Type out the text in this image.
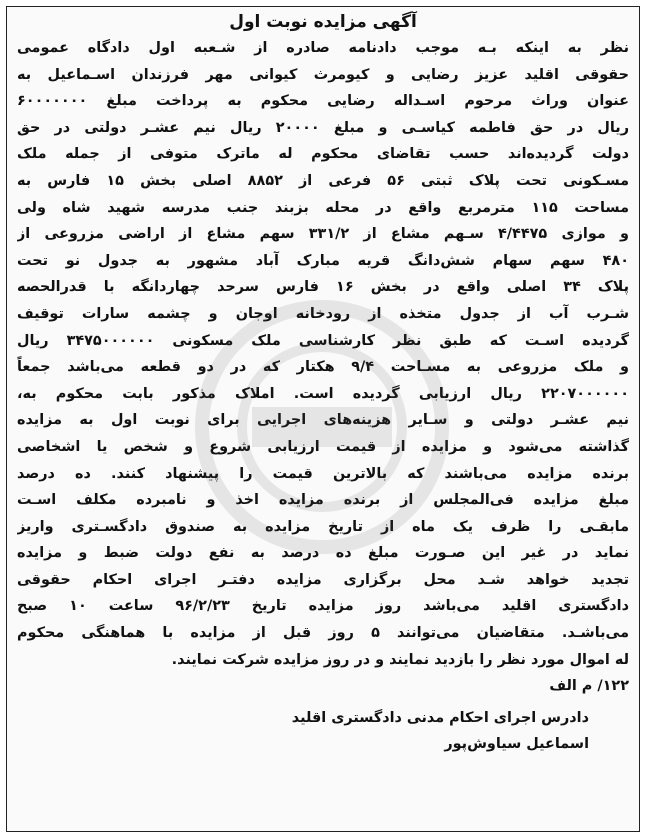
آگهی مزایده نوبت اول
نظر به اینکه بـه موجب دادنامه صادره از شـعبه اول دادگاه عمومی
حقوقی اقلید عزیز رضایی و کیومرث کیوانی مهر فرزندان اسـماعیل به
عنوان وراث مرحوم اسـداله رضایی محکوم به پرداخت مبلغ ۶۰۰۰۰۰۰۰
ریال در حق فاطمه کیاسـی و مبلغ ۲۰۰۰۰ ریال نیم عشـر دولتی در حق
دولت گردیده‌اند حسب تقاضای محکوم له ماترک متوفی از جمله ملک
مسـکونی تحت پلاک ثبتی ۵۶ فرعی از ۸۸۵۲ اصلی بخش ۱۵ فارس به
مساحت ۱۱۵ مترمربع واقع در محله بزبند جنب مدرسه شهید شاه ولی
و موازی ۴/۴۴۷۵ سـهم مشاع از ۳۳۱/۲ سهم مشاع از اراضی مزروعی از
۴۸۰ سهم سهام شش‌دانگ قریه مبارک آباد مشهور به جدول نو تحت
پلاک ۳۴ اصلی واقع در بخش ۱۶ فارس سرحد چهاردانگه با قدرالحصه
شـرب آب از جدول متخذه از رودخانه اوجان و چشمه سارات توقیف
گردیده اسـت که طبق نظر کارشناسی ملک مسکونی ۳۴۷۵۰۰۰۰۰۰ ریال
و ملک مزروعی به مسـاحت ۹/۴ هکتار که در دو قطعه می‌باشد جمعاً
۲۲۰۷۰۰۰۰۰۰ ریال ارزیابی گردیده است. املاک مذکور بابت محکوم به،
نیم عشـر دولتی و سـایر هزینه‌های اجرایی برای نوبت اول به مزایده
گذاشته می‌شود و مزایده از قیمت ارزیابی شروع و شخص یا اشخاصی
برنده مزایده می‌باشند که بالاترین قیمت را پیشنهاد کنند. ده درصد
مبلغ مزایده فی‌المجلس از برنده مزایده اخذ و نامبرده مکلف اسـت
مابقـی را ظرف یک ماه از تاریخ مزایده به صندوق دادگسـتری واریز
نماید در غیر این صـورت مبلغ ده درصد به نفع دولت ضبط و مزایده
تجدید خواهد شـد محل برگزاری مزایده دفتـر اجرای احکام حقوقی
دادگستری اقلید می‌باشد روز مزایده تاریخ ۹۶/۲/۲۳ ساعت ۱۰ صبح
می‌باشـد. متقاضیان می‌توانند ۵ روز قبل از مزایده با هماهنگی محکوم
له اموال مورد نظر را بازدید نمایند و در روز مزایده شرکت نمایند.

۱۲۲/ م الف

دادرس اجرای احکام مدنی دادگستری اقلید
اسماعیل سیاوش‌پور
